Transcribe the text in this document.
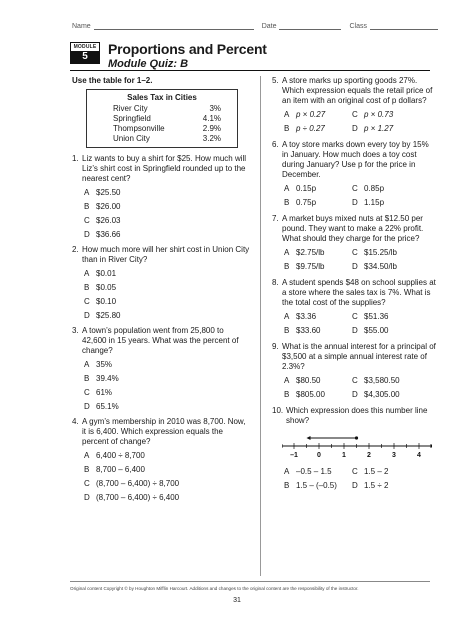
Name	Date	Class
MODULE
5	Proportions and Percent
Module Quiz: B
Use the table for 1–2.
Sales Tax in Cities
River City	3%
Springfield	4.1%
Thompsonville	2.9%
Union City	3.2%
1. Liz wants to buy a shirt for $25. How much will Liz’s shirt cost in Springfield rounded up to the nearest cent?
A $25.50
B $26.00
C $26.03
D $36.66
2. How much more will her shirt cost in Union City than in River City?
A $0.01
B $0.05
C $0.10
D $25.80
3. A town’s population went from 25,800 to 42,600 in 15 years. What was the percent of change?
A 35%
B 39.4%
C 61%
D 65.1%
4. A gym’s membership in 2010 was 8,700. Now, it is 6,400. Which expression equals the percent of change?
A 6,400 ÷ 8,700
B 8,700 – 6,400
C (8,700 – 6,400) ÷ 8,700
D (8,700 – 6,400) ÷ 6,400
5. A store marks up sporting goods 27%. Which expression equals the retail price of an item with an original cost of p dollars?
A p × 0.27	C p × 0.73
B p ÷ 0.27	D p × 1.27
6. A toy store marks down every toy by 15% in January. How much does a toy cost during January? Use p for the price in December.
A 0.15p	C 0.85p
B 0.75p	D 1.15p
7. A market buys mixed nuts at $12.50 per pound. They want to make a 22% profit. What should they charge for the price?
A $2.75/lb	C $15.25/lb
B $9.75/lb	D $34.50/lb
8. A student spends $48 on school supplies at a store where the sales tax is 7%. What is the total cost of the supplies?
A $3.36	C $51.36
B $33.60	D $55.00
9. What is the annual interest for a principal of $3,500 at a simple annual interest rate of 2.3%?
A $80.50	C $3,580.50
B $805.00	D $4,305.00
10. Which expression does this number line show?
–1	0	1	2	3	4
A –0.5 – 1.5	C 1.5 – 2
B 1.5 – (–0.5) D 1.5 ÷ 2
Original content Copyright © by Houghton Mifflin Harcourt. Additions and changes to the original content are the responsibility of the instructor.
31
